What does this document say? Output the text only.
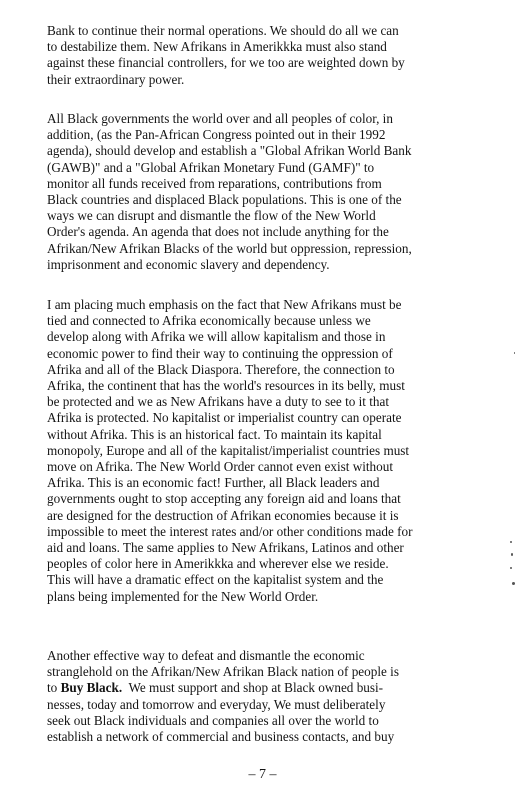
Bank to continue their normal operations. We should do all we can
to destabilize them. New Afrikans in Amerikkka must also stand
against these financial controllers, for we too are weighted down by
their extraordinary power.
All Black governments the world over and all peoples of color, in
addition, (as the Pan-African Congress pointed out in their 1992
agenda), should develop and establish a "Global Afrikan World Bank
(GAWB)" and a "Global Afrikan Monetary Fund (GAMF)" to
monitor all funds received from reparations, contributions from
Black countries and displaced Black populations. This is one of the
ways we can disrupt and dismantle the flow of the New World
Order's agenda. An agenda that does not include anything for the
Afrikan/New Afrikan Blacks of the world but oppression, repression,
imprisonment and economic slavery and dependency.
I am placing much emphasis on the fact that New Afrikans must be
tied and connected to Afrika economically because unless we
develop along with Afrika we will allow kapitalism and those in
economic power to find their way to continuing the oppression of
Afrika and all of the Black Diaspora. Therefore, the connection to
Afrika, the continent that has the world's resources in its belly, must
be protected and we as New Afrikans have a duty to see to it that
Afrika is protected. No kapitalist or imperialist country can operate
without Afrika. This is an historical fact. To maintain its kapital
monopoly, Europe and all of the kapitalist/imperialist countries must
move on Afrika. The New World Order cannot even exist without
Afrika. This is an economic fact! Further, all Black leaders and
governments ought to stop accepting any foreign aid and loans that
are designed for the destruction of Afrikan economies because it is
impossible to meet the interest rates and/or other conditions made for
aid and loans. The same applies to New Afrikans, Latinos and other
peoples of color here in Amerikkka and wherever else we reside.
This will have a dramatic effect on the kapitalist system and the
plans being implemented for the New World Order.
Another effective way to defeat and dismantle the economic
stranglehold on the Afrikan/New Afrikan Black nation of people is
to Buy Black.  We must support and shop at Black owned busi-
nesses, today and tomorrow and everyday, We must deliberately
seek out Black individuals and companies all over the world to
establish a network of commercial and business contacts, and buy
– 7 –
